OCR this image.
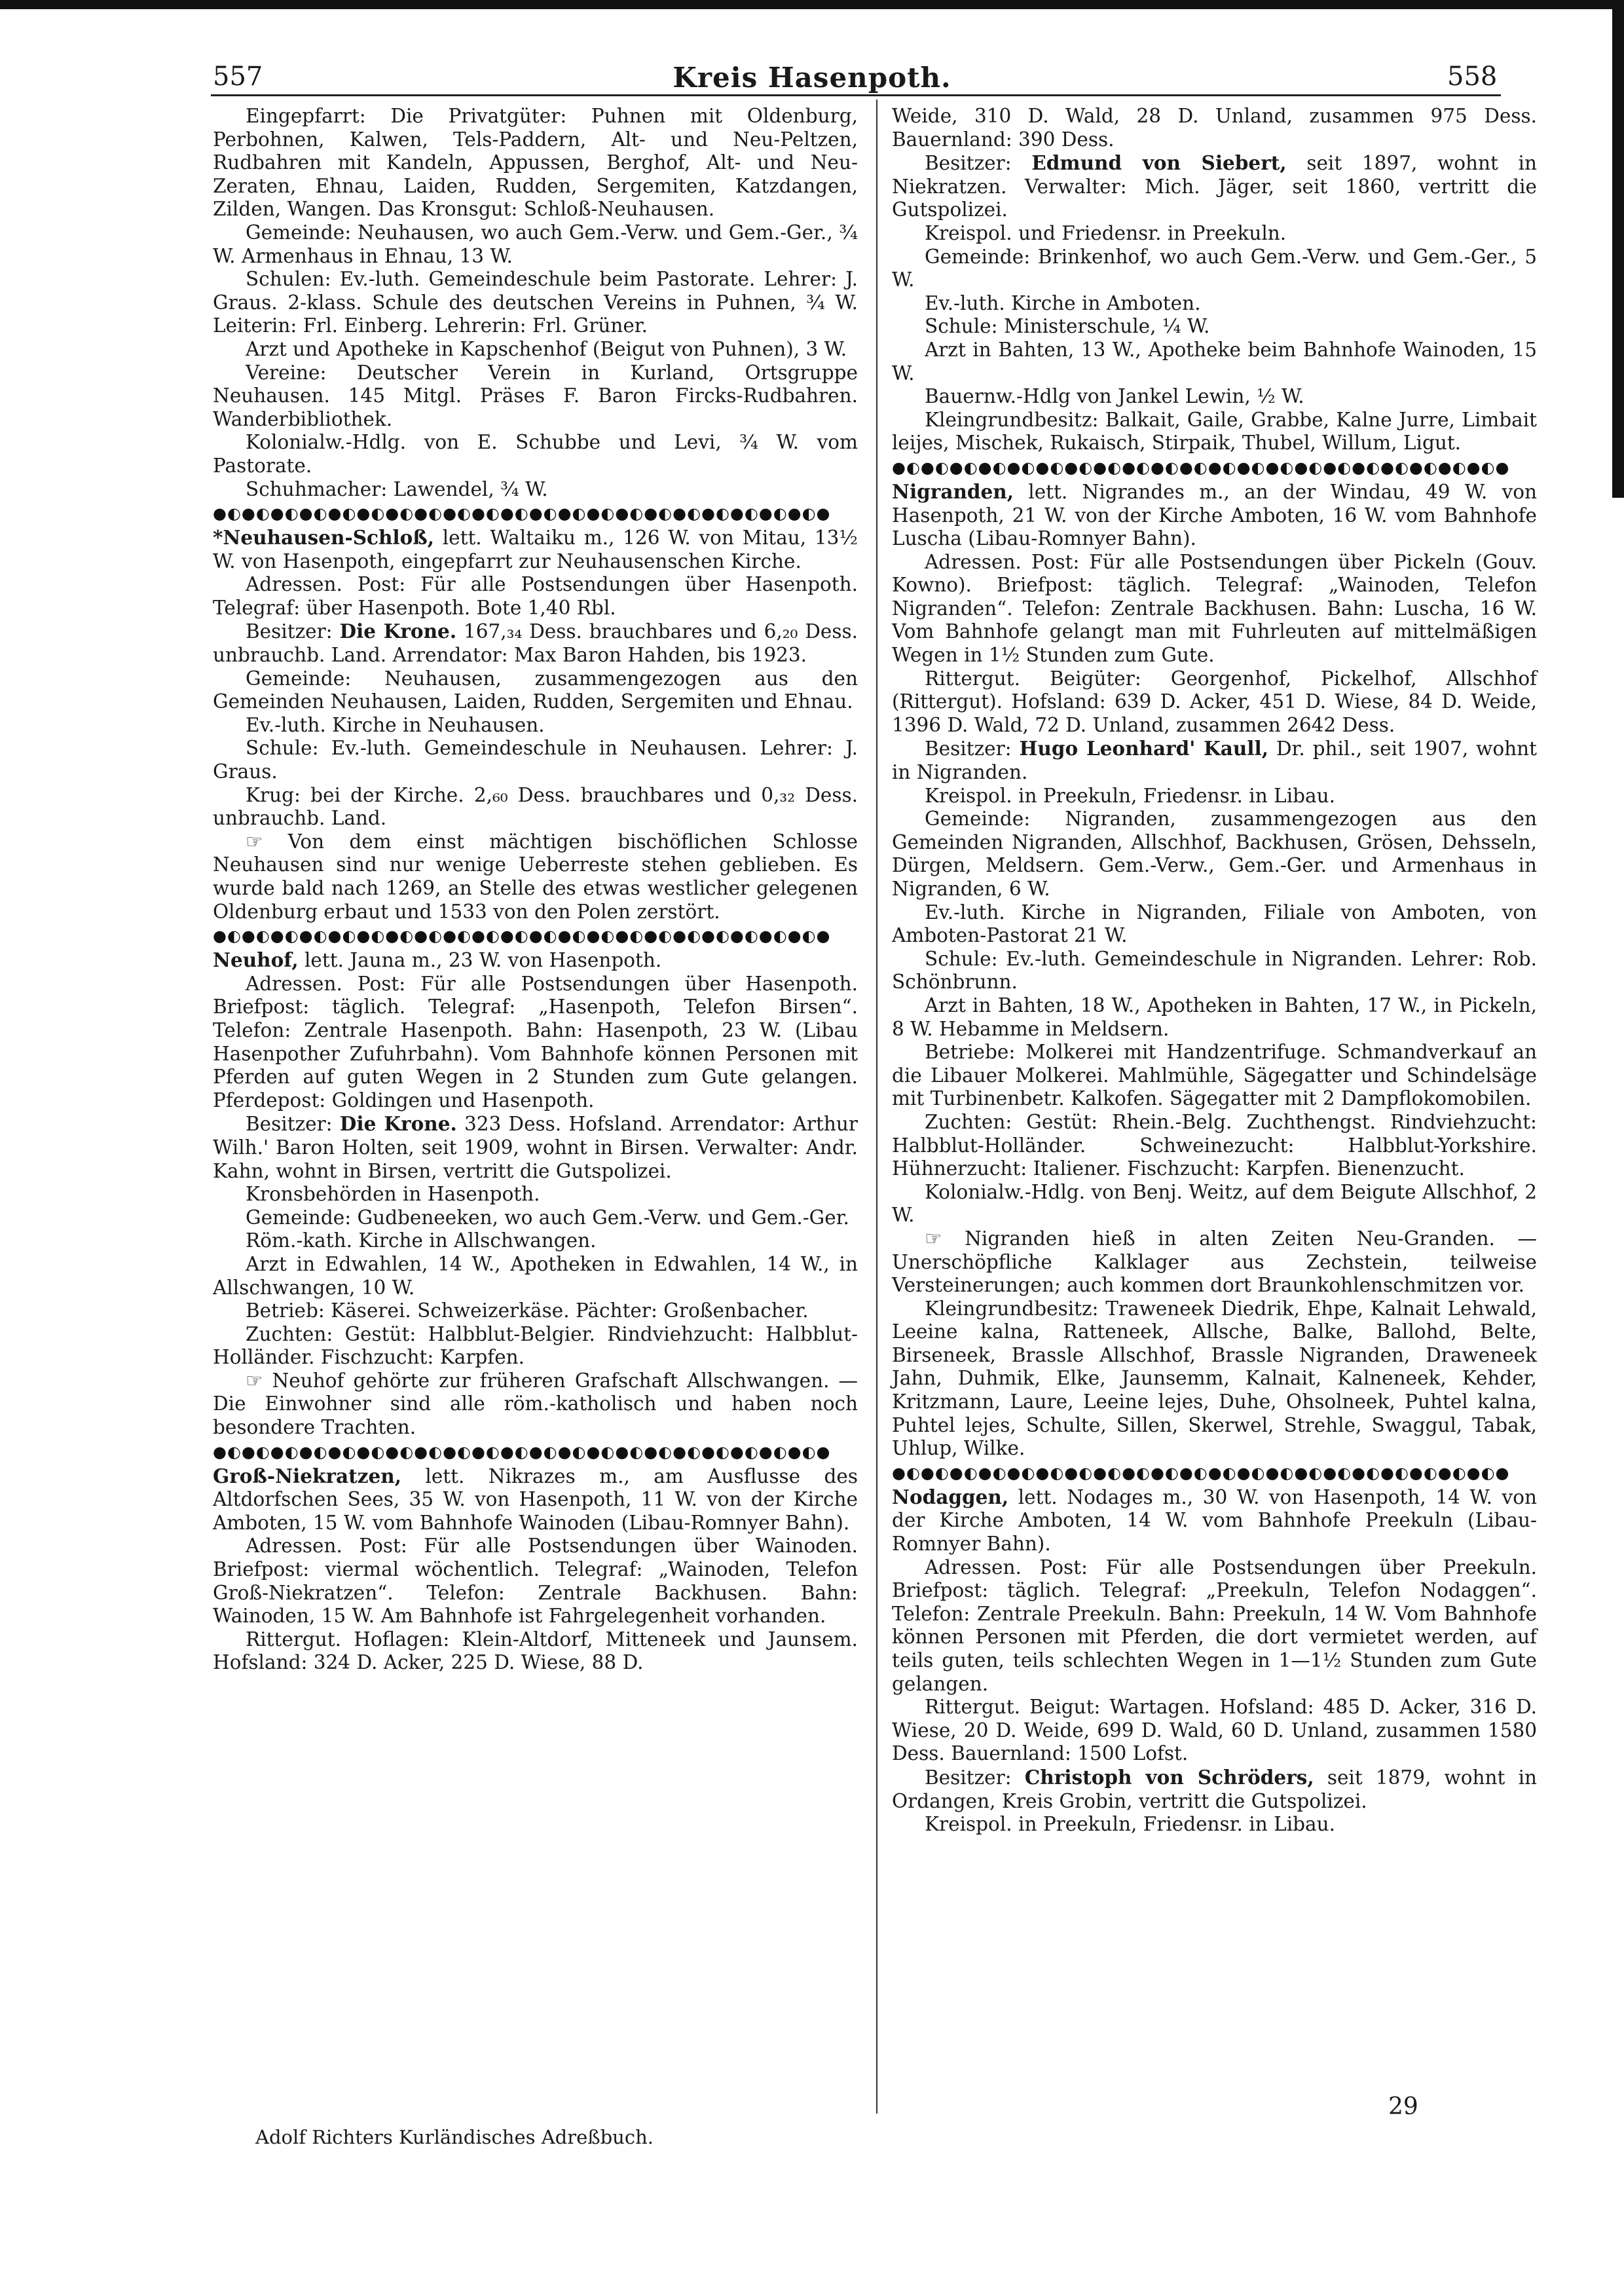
557	Kreis Hasenpoth.	558

Eingepfarrt: Die Privatgüter: Puhnen mit Oldenburg, Perbohnen, Kalwen, Tels-Paddern, Alt- und Neu-Peltzen, Rudbahren mit Kandeln, Appussen, Berghof, Alt- und Neu-Zeraten, Ehnau, Laiden, Rudden, Sergemiten, Katzdangen, Zilden, Wangen. Das Kronsgut: Schloß-Neuhausen.

Gemeinde: Neuhausen, wo auch Gem.-Verw. und Gem.-Ger., ¾ W. Armenhaus in Ehnau, 13 W.

Schulen: Ev.-luth. Gemeindeschule beim Pastorate. Lehrer: J. Graus. 2-klass. Schule des deutschen Vereins in Puhnen, ¾ W. Leiterin: Frl. Einberg. Lehrerin: Frl. Grüner.

Arzt und Apotheke in Kapschenhof (Beigut von Puhnen), 3 W.

Vereine: Deutscher Verein in Kurland, Ortsgruppe Neuhausen. 145 Mitgl. Präses F. Baron Fircks-Rudbahren. Wanderbibliothek.

Kolonialw.-Hdlg. von E. Schubbe und Levi, ¾ W. vom Pastorate.

Schuhmacher: Lawendel, ¾ W.

●◐●◐●◐●◐●◐●◐●◐●◐●◐●◐●◐●◐●◐●◐●◐●◐●◐●◐●◐●◐●◐●

*Neuhausen-Schloß, lett. Waltaiku m., 126 W. von Mitau, 13½ W. von Hasenpoth, eingepfarrt zur Neuhausenschen Kirche.

Adressen. Post: Für alle Postsendungen über Hasenpoth. Telegraf: über Hasenpoth. Bote 1,40 Rbl.

Besitzer: Die Krone. 167,₃₄ Dess. brauchbares und 6,₂₀ Dess. unbrauchb. Land. Arrendator: Max Baron Hahden, bis 1923.

Gemeinde: Neuhausen, zusammengezogen aus den Gemeinden Neuhausen, Laiden, Rudden, Sergemiten und Ehnau.

Ev.-luth. Kirche in Neuhausen.

Schule: Ev.-luth. Gemeindeschule in Neuhausen. Lehrer: J. Graus.

Krug: bei der Kirche. 2,₆₀ Dess. brauchbares und 0,₃₂ Dess. unbrauchb. Land.

☞ Von dem einst mächtigen bischöflichen Schlosse Neuhausen sind nur wenige Ueberreste stehen geblieben. Es wurde bald nach 1269, an Stelle des etwas westlicher gelegenen Oldenburg erbaut und 1533 von den Polen zerstört.

●◐●◐●◐●◐●◐●◐●◐●◐●◐●◐●◐●◐●◐●◐●◐●◐●◐●◐●◐●◐●◐●

Neuhof, lett. Jauna m., 23 W. von Hasenpoth.

Adressen. Post: Für alle Postsendungen über Hasenpoth. Briefpost: täglich. Telegraf: „Hasenpoth, Telefon Birsen“. Telefon: Zentrale Hasenpoth. Bahn: Hasenpoth, 23 W. (Libau Hasenpother Zufuhrbahn). Vom Bahnhofe können Personen mit Pferden auf guten Wegen in 2 Stunden zum Gute gelangen. Pferdepost: Goldingen und Hasenpoth.

Besitzer: Die Krone. 323 Dess. Hofsland. Arrendator: Arthur Wilh.' Baron Holten, seit 1909, wohnt in Birsen. Verwalter: Andr. Kahn, wohnt in Birsen, vertritt die Gutspolizei.

Kronsbehörden in Hasenpoth.

Gemeinde: Gudbeneeken, wo auch Gem.-Verw. und Gem.-Ger.

Röm.-kath. Kirche in Allschwangen.

Arzt in Edwahlen, 14 W., Apotheken in Edwahlen, 14 W., in Allschwangen, 10 W.

Betrieb: Käserei. Schweizerkäse. Pächter: Großenbacher.

Zuchten: Gestüt: Halbblut-Belgier. Rindviehzucht: Halbblut-Holländer. Fischzucht: Karpfen.

☞ Neuhof gehörte zur früheren Grafschaft Allschwangen. — Die Einwohner sind alle röm.-katholisch und haben noch besondere Trachten.

●◐●◐●◐●◐●◐●◐●◐●◐●◐●◐●◐●◐●◐●◐●◐●◐●◐●◐●◐●◐●◐●

Groß-Niekratzen, lett. Nikrazes m., am Ausflusse des Altdorfschen Sees, 35 W. von Hasenpoth, 11 W. von der Kirche Amboten, 15 W. vom Bahnhofe Wainoden (Libau-Romnyer Bahn).

Adressen. Post: Für alle Postsendungen über Wainoden. Briefpost: viermal wöchentlich. Telegraf: „Wainoden, Telefon Groß-Niekratzen“. Telefon: Zentrale Backhusen. Bahn: Wainoden, 15 W. Am Bahnhofe ist Fahrgelegenheit vorhanden.

Rittergut. Hoflagen: Klein-Altdorf, Mitteneek und Jaunsem. Hofsland: 324 D. Acker, 225 D. Wiese, 88 D.

Weide, 310 D. Wald, 28 D. Unland, zusammen 975 Dess. Bauernland: 390 Dess.

Besitzer: Edmund von Siebert, seit 1897, wohnt in Niekratzen. Verwalter: Mich. Jäger, seit 1860, vertritt die Gutspolizei.

Kreispol. und Friedensr. in Preekuln.

Gemeinde: Brinkenhof, wo auch Gem.-Verw. und Gem.-Ger., 5 W.

Ev.-luth. Kirche in Amboten.

Schule: Ministerschule, ¼ W.

Arzt in Bahten, 13 W., Apotheke beim Bahnhofe Wainoden, 15 W.

Bauernw.-Hdlg von Jankel Lewin, ½ W.

Kleingrundbesitz: Balkait, Gaile, Grabbe, Kalne Jurre, Limbait leijes, Mischek, Rukaisch, Stirpaik, Thubel, Willum, Ligut.

●◐●◐●◐●◐●◐●◐●◐●◐●◐●◐●◐●◐●◐●◐●◐●◐●◐●◐●◐●◐●◐●

Nigranden, lett. Nigrandes m., an der Windau, 49 W. von Hasenpoth, 21 W. von der Kirche Amboten, 16 W. vom Bahnhofe Luscha (Libau-Romnyer Bahn).

Adressen. Post: Für alle Postsendungen über Pickeln (Gouv. Kowno). Briefpost: täglich. Telegraf: „Wainoden, Telefon Nigranden“. Telefon: Zentrale Backhusen. Bahn: Luscha, 16 W. Vom Bahnhofe gelangt man mit Fuhrleuten auf mittelmäßigen Wegen in 1½ Stunden zum Gute.

Rittergut. Beigüter: Georgenhof, Pickelhof, Allschhof (Rittergut). Hofsland: 639 D. Acker, 451 D. Wiese, 84 D. Weide, 1396 D. Wald, 72 D. Unland, zusammen 2642 Dess.

Besitzer: Hugo Leonhard' Kaull, Dr. phil., seit 1907, wohnt in Nigranden.

Kreispol. in Preekuln, Friedensr. in Libau.

Gemeinde: Nigranden, zusammengezogen aus den Gemeinden Nigranden, Allschhof, Backhusen, Grösen, Dehsseln, Dürgen, Meldsern. Gem.-Verw., Gem.-Ger. und Armenhaus in Nigranden, 6 W.

Ev.-luth. Kirche in Nigranden, Filiale von Amboten, von Amboten-Pastorat 21 W.

Schule: Ev.-luth. Gemeindeschule in Nigranden. Lehrer: Rob. Schönbrunn.

Arzt in Bahten, 18 W., Apotheken in Bahten, 17 W., in Pickeln, 8 W. Hebamme in Meldsern.

Betriebe: Molkerei mit Handzentrifuge. Schmandverkauf an die Libauer Molkerei. Mahlmühle, Sägegatter und Schindelsäge mit Turbinenbetr. Kalkofen. Sägegatter mit 2 Dampflokomobilen.

Zuchten: Gestüt: Rhein.-Belg. Zuchthengst. Rindviehzucht: Halbblut-Holländer. Schweinezucht: Halbblut-Yorkshire. Hühnerzucht: Italiener. Fischzucht: Karpfen. Bienenzucht.

Kolonialw.-Hdlg. von Benj. Weitz, auf dem Beigute Allschhof, 2 W.

☞ Nigranden hieß in alten Zeiten Neu-Granden. — Unerschöpfliche Kalklager aus Zechstein, teilweise Versteinerungen; auch kommen dort Braunkohlenschmitzen vor.

Kleingrundbesitz: Traweneek Diedrik, Ehpe, Kalnait Lehwald, Leeine kalna, Ratteneek, Allsche, Balke, Ballohd, Belte, Birseneek, Brassle Allschhof, Brassle Nigranden, Draweneek Jahn, Duhmik, Elke, Jaunsemm, Kalnait, Kalneneek, Kehder, Kritzmann, Laure, Leeine lejes, Duhe, Ohsolneek, Puhtel kalna, Puhtel lejes, Schulte, Sillen, Skerwel, Strehle, Swaggul, Tabak, Uhlup, Wilke.

●◐●◐●◐●◐●◐●◐●◐●◐●◐●◐●◐●◐●◐●◐●◐●◐●◐●◐●◐●◐●◐●

Nodaggen, lett. Nodages m., 30 W. von Hasenpoth, 14 W. von der Kirche Amboten, 14 W. vom Bahnhofe Preekuln (Libau-Romnyer Bahn).

Adressen. Post: Für alle Postsendungen über Preekuln. Briefpost: täglich. Telegraf: „Preekuln, Telefon Nodaggen“. Telefon: Zentrale Preekuln. Bahn: Preekuln, 14 W. Vom Bahnhofe können Personen mit Pferden, die dort vermietet werden, auf teils guten, teils schlechten Wegen in 1—1½ Stunden zum Gute gelangen.

Rittergut. Beigut: Wartagen. Hofsland: 485 D. Acker, 316 D. Wiese, 20 D. Weide, 699 D. Wald, 60 D. Unland, zusammen 1580 Dess. Bauernland: 1500 Lofst.

Besitzer: Christoph von Schröders, seit 1879, wohnt in Ordangen, Kreis Grobin, vertritt die Gutspolizei.

Kreispol. in Preekuln, Friedensr. in Libau.

29
Adolf Richters Kurländisches Adreßbuch.
